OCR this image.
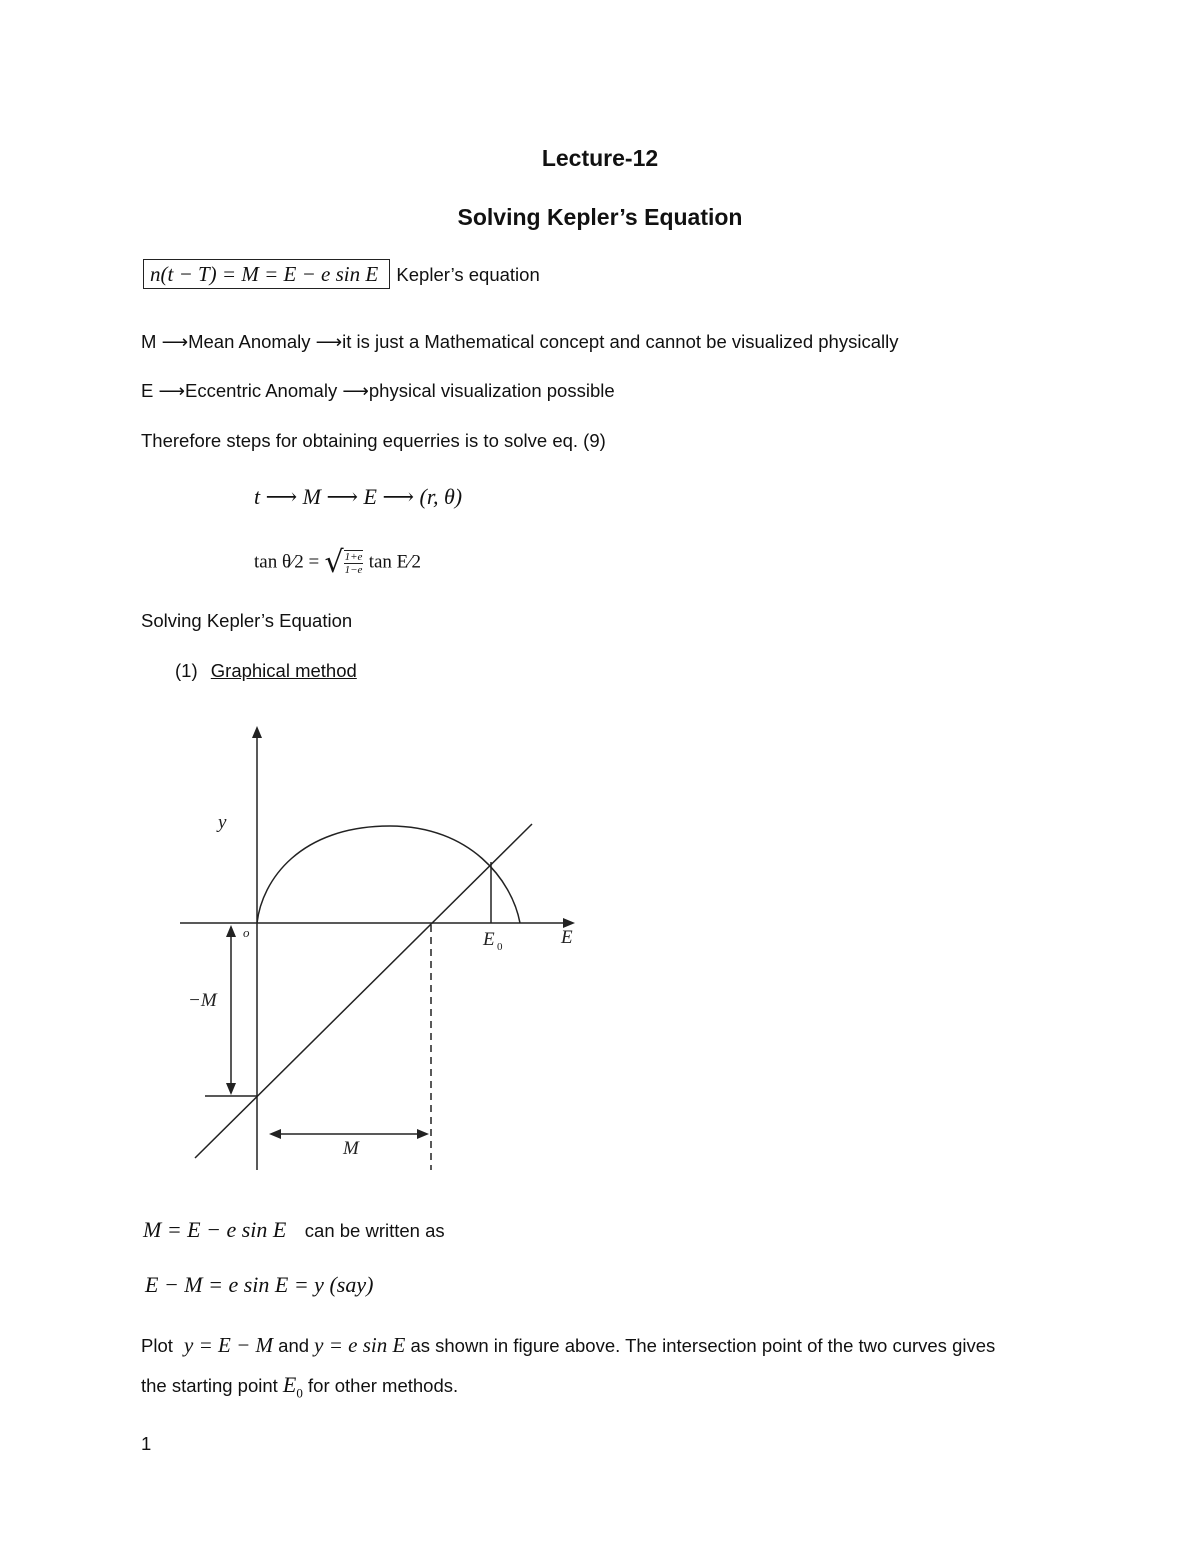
Lecture-12
Solving Kepler’s Equation
n(t − T) = M = E − e sin E Kepler’s equation
M ⟶Mean Anomaly ⟶it is just a Mathematical concept and cannot be visualized physically
E ⟶Eccentric Anomaly ⟶physical visualization possible
Therefore steps for obtaining equerries is to solve eq. (9)
t ⟶ M ⟶ E ⟶ (r, θ)
tan θ⁄2 = √ $\frac{1+e}{1-e}$ tan E⁄2
Solving Kepler’s Equation
(1) Graphical method
y
o
−M
E 0	E
M
M = E − e sin E can be written as
E − M = e sin E = y (say)
Plot y = E − M and y = e sin E as shown in figure above. The intersection point of the two curves gives
the starting point $E_0$ for other methods.
1
